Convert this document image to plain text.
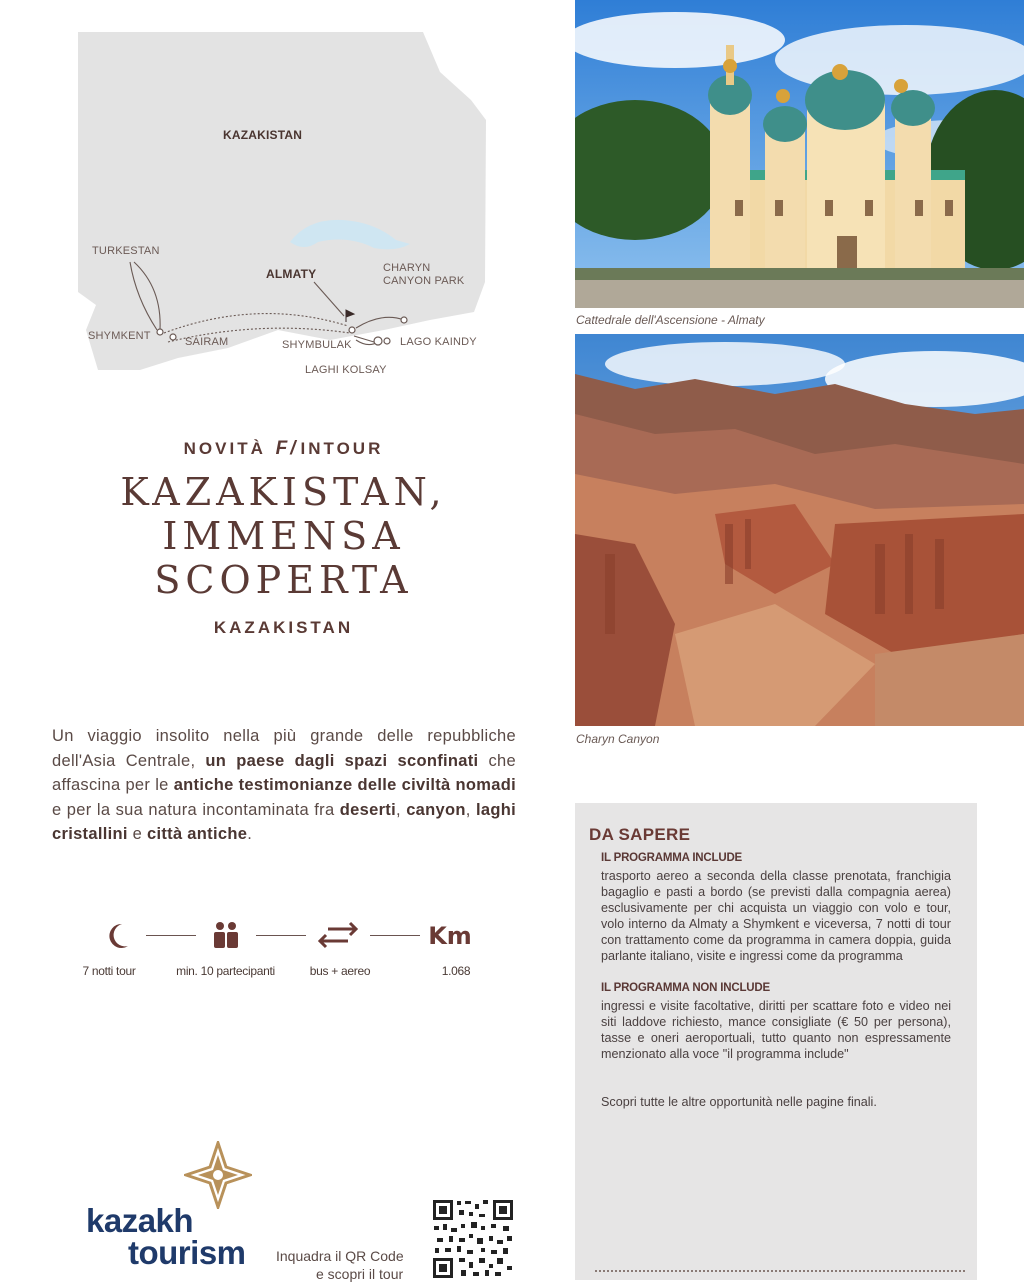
KAZAKISTAN
TURKESTAN
SHYMKENT	SAIRAM
ALMATY	CHARYN
CANYON PARK
SHYMBULAK	LAGO KAINDY
LAGHI KOLSAY
NOVITÀ F/ INTOUR
KAZAKISTAN,
IMMENSA
SCOPERTA
KAZAKISTAN
Un viaggio insolito nella più grande delle repubbliche dell'Asia Centrale, un paese dagli spazi sconfinati che affascina per le antiche testimonianze delle civiltà nomadi e per la sua natura incontaminata fra deserti, canyon, laghi cristallini e città antiche.
Km
7 notti tour	min. 10 partecipanti	bus + aereo	1.068
kazakh
tourism Inquadra il QR Code
e scopri il tour
Cattedrale dell'Ascensione - Almaty
Charyn Canyon
DA SAPERE
IL PROGRAMMA INCLUDE
trasporto aereo a seconda della classe prenotata, franchigia bagaglio e pasti a bordo (se previsti dalla compagnia aerea) esclusivamente per chi acquista un viaggio con volo e tour, volo interno da Almaty a Shymkent e viceversa, 7 notti di tour con trattamento come da programma in camera doppia, guida parlante italiano, visite e ingressi come da programma
IL PROGRAMMA NON INCLUDE
ingressi e visite facoltative, diritti per scattare foto e video nei siti laddove richiesto, mance consigliate (€ 50 per persona), tasse e oneri aeroportuali, tutto quanto non espressamente menzionato alla voce "il programma include"
Scopri tutte le altre opportunità nelle pagine finali.
